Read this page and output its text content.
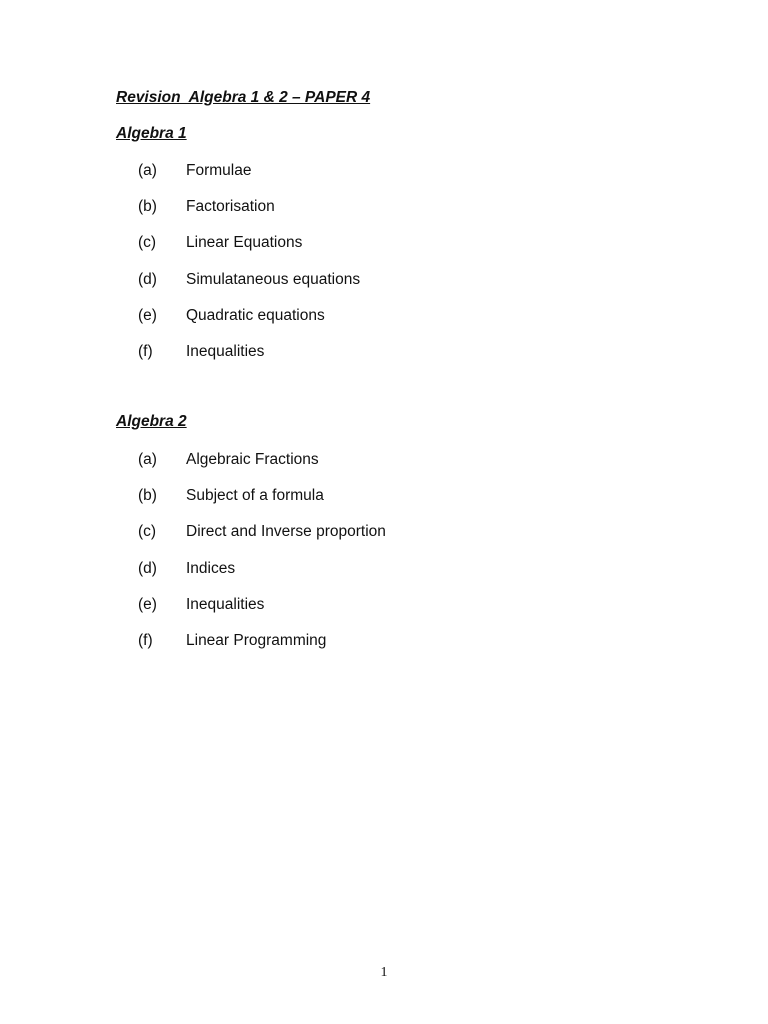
Revision  Algebra 1 & 2 – PAPER 4
Algebra 1
(a) Formulae
(b) Factorisation
(c) Linear Equations
(d) Simulataneous equations
(e) Quadratic equations
(f) Inequalities
Algebra 2
(a) Algebraic Fractions
(b) Subject of a formula
(c) Direct and Inverse proportion
(d) Indices
(e) Inequalities
(f) Linear Programming
1
